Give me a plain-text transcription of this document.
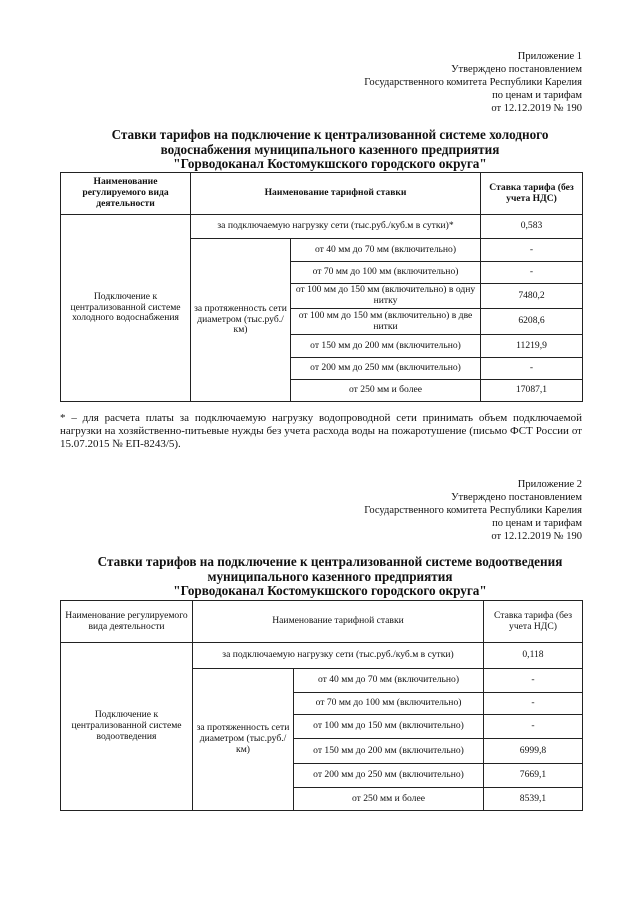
Приложение 1
Утверждено постановлением
Государственного комитета Республики Карелия
по ценам и тарифам
от 12.12.2019 № 190
Ставки тарифов на подключение к централизованной системе холодного
водоснабжения муниципального казенного предприятия
"Горводоканал Костомукшского городского округа"
Наименование регулируемого вида деятельности	Наименование тарифной ставки		Ставка тарифа (без учета НДС)
Подключение к централизованной системе холодного водоснабжения	за подключаемую нагрузку сети (тыс.руб./куб.м в сутки)*		0,583
	за протяженность сети диаметром (тыс.руб./км)	от 40 мм до 70 мм (включительно)	-
		от 70 мм до 100 мм (включительно)	-
		от 100 мм до 150 мм (включительно) в одну нитку	7480,2
		от 100 мм до 150 мм (включительно) в две нитки	6208,6
		от 150 мм до 200 мм (включительно)	11219,9
		от 200 мм до 250 мм (включительно)	-
		от 250 мм и более	17087,1
* – для расчета платы за подключаемую нагрузку водопроводной сети принимать объем подключаемой нагрузки на хозяйственно-питьевые нужды без учета расхода воды на пожаротушение (письмо ФСТ России от 15.07.2015 № ЕП-8243/5).
Приложение 2
Утверждено постановлением
Государственного комитета Республики Карелия
по ценам и тарифам
от 12.12.2019 № 190
Ставки тарифов на подключение к централизованной системе водоотведения
муниципального казенного предприятия
"Горводоканал Костомукшского городского округа"
Наименование регулируемого вида деятельности	Наименование тарифной ставки		Ставка тарифа (без учета НДС)
Подключение к централизованной системе водоотведения	за подключаемую нагрузку сети (тыс.руб./куб.м в сутки)		0,118
	за протяженность сети диаметром (тыс.руб./км)	от 40 мм до 70 мм (включительно)	-
		от 70 мм до 100 мм (включительно)	-
		от 100 мм до 150 мм (включительно)	-
		от 150 мм до 200 мм (включительно)	6999,8
		от 200 мм до 250 мм (включительно)	7669,1
		от 250 мм и более	8539,1
